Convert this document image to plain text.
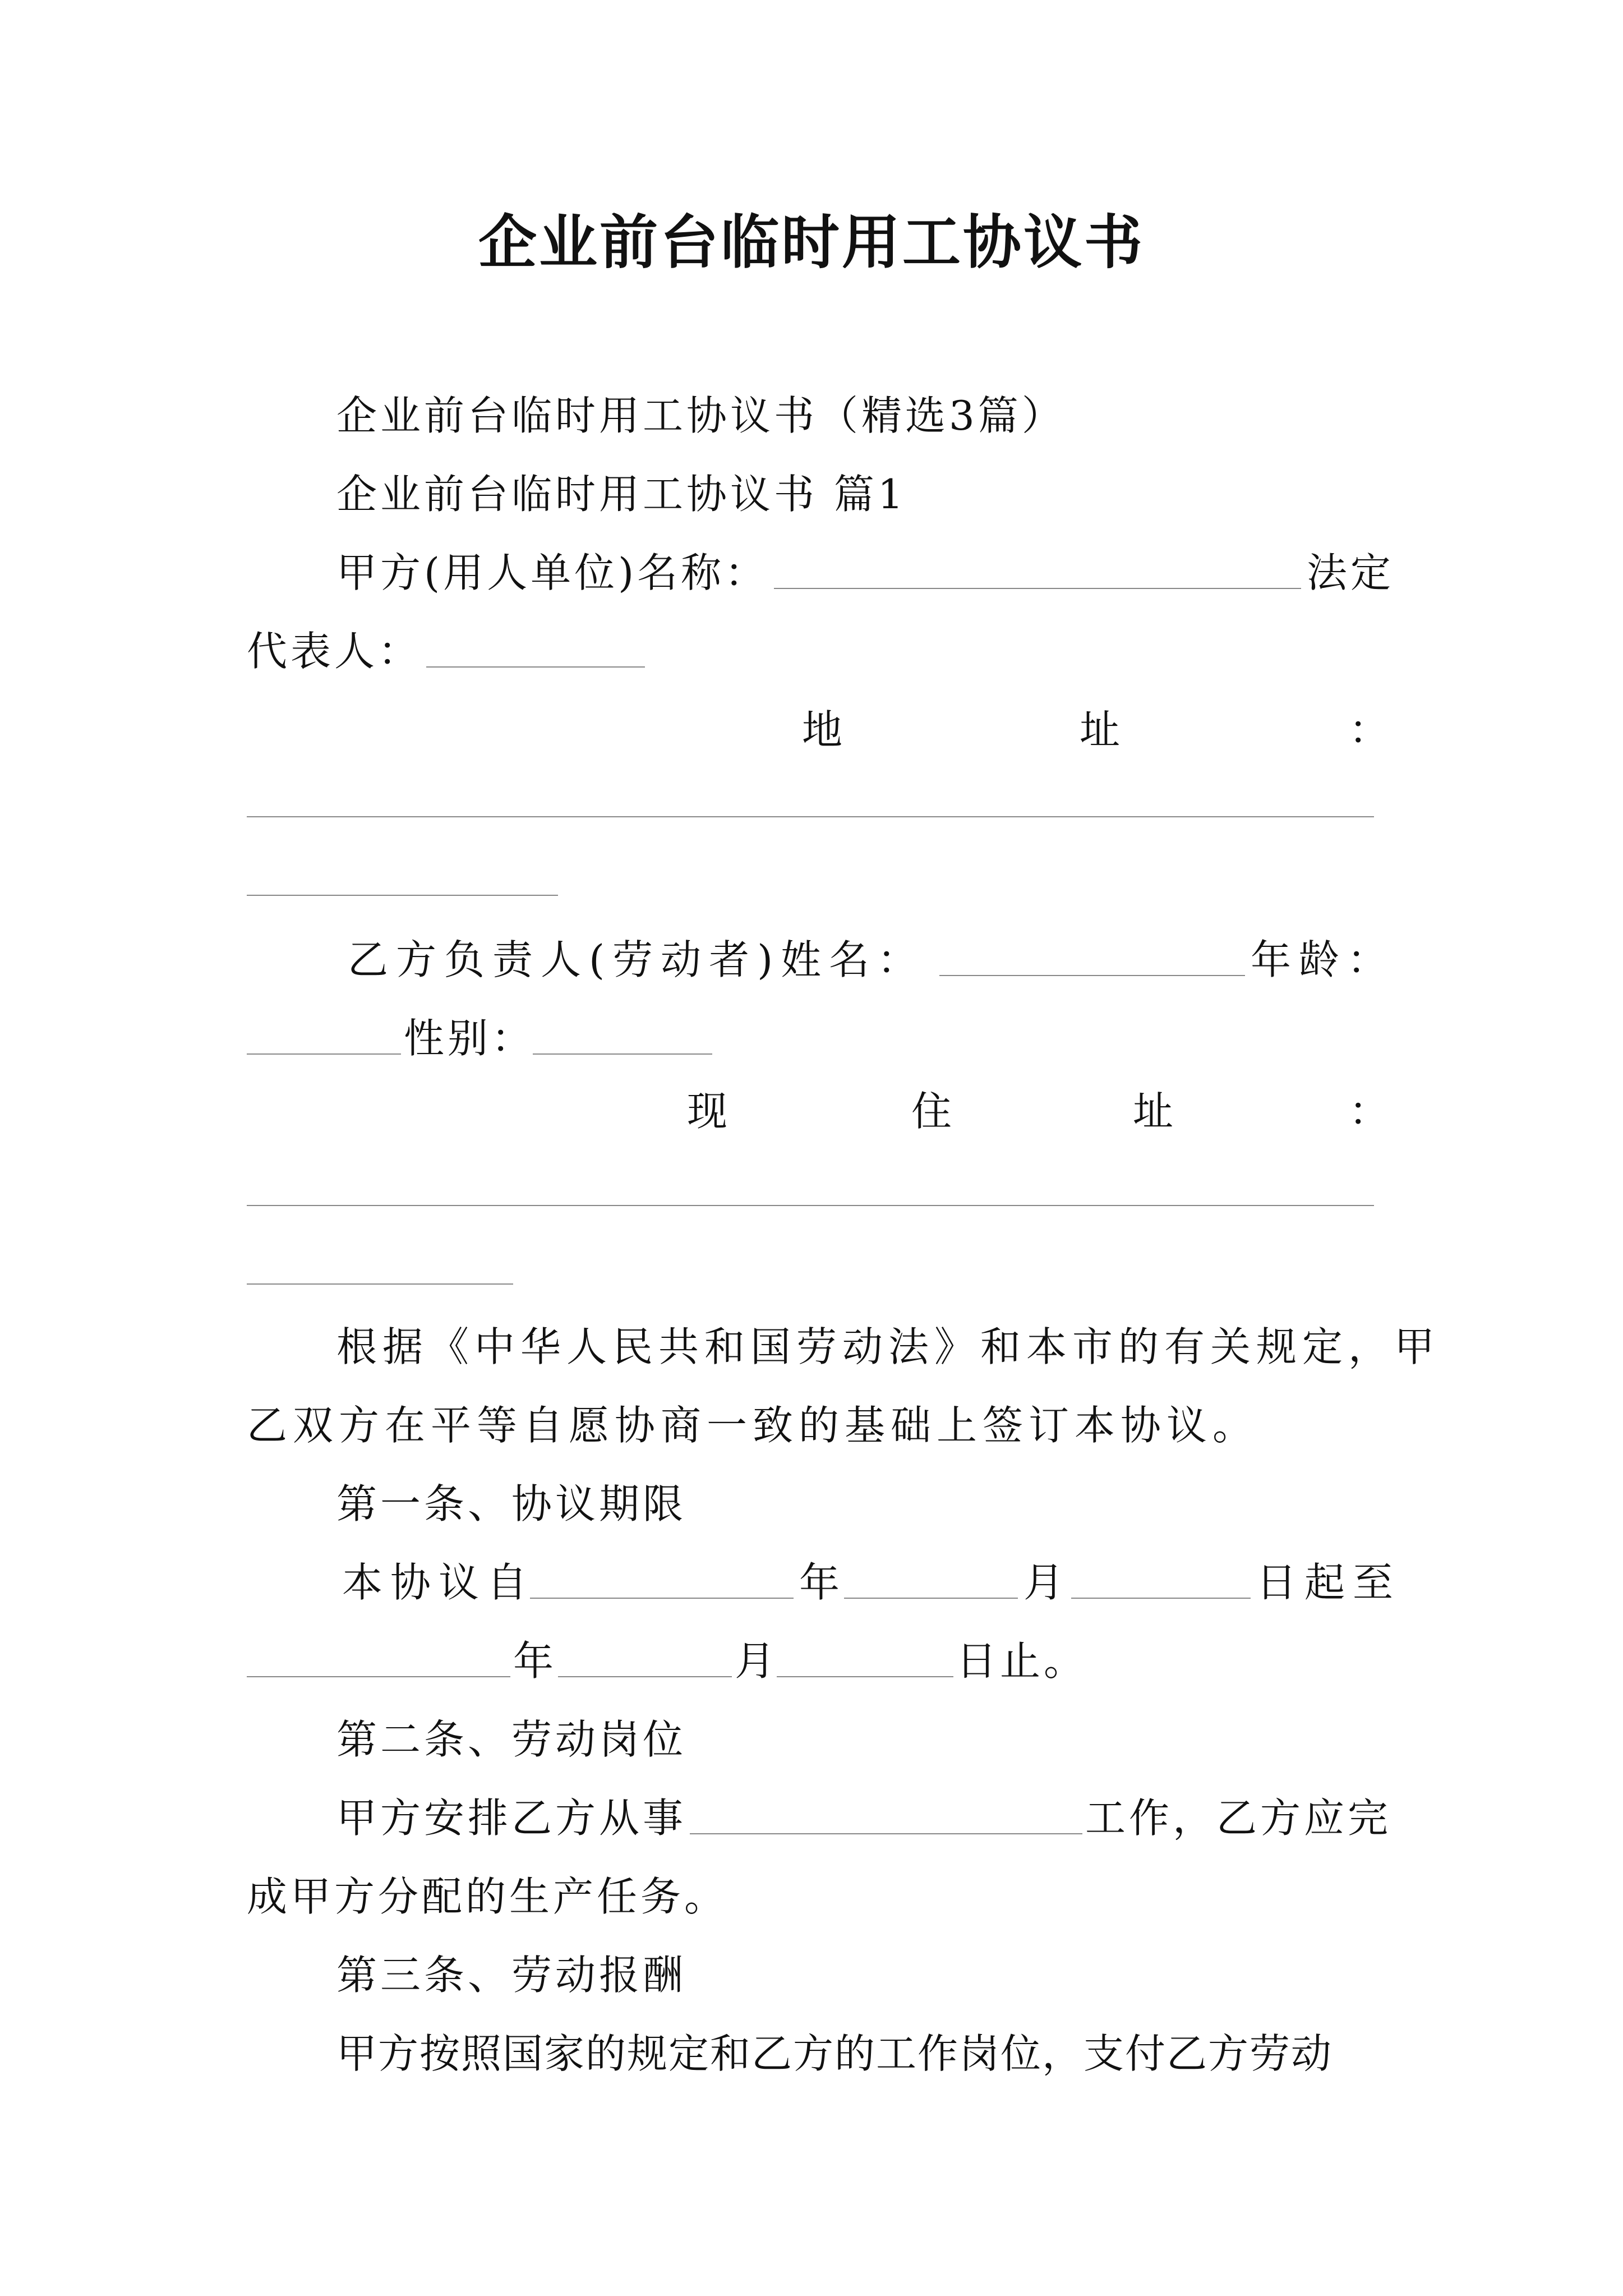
企业前台临时用工协议书
企业前台临时用工协议书（精选3篇）
企业前台临时用工协议书 篇1
甲方(用人单位)名称：	法定
代表人：
地	址	：
乙方负责人(劳动者)姓名：	年龄：
性别：
现	住	址	：
根据《中华人民共和国劳动法》和本市的有关规定，甲
乙双方在平等自愿协商一致的基础上签订本协议。
第一条、协议期限
本协议自	年	月	日起至
年	月	日止。
第二条、劳动岗位
甲方安排乙方从事	工作，乙方应完
成甲方分配的生产任务。
第三条、劳动报酬
甲方按照国家的规定和乙方的工作岗位，支付乙方劳动
